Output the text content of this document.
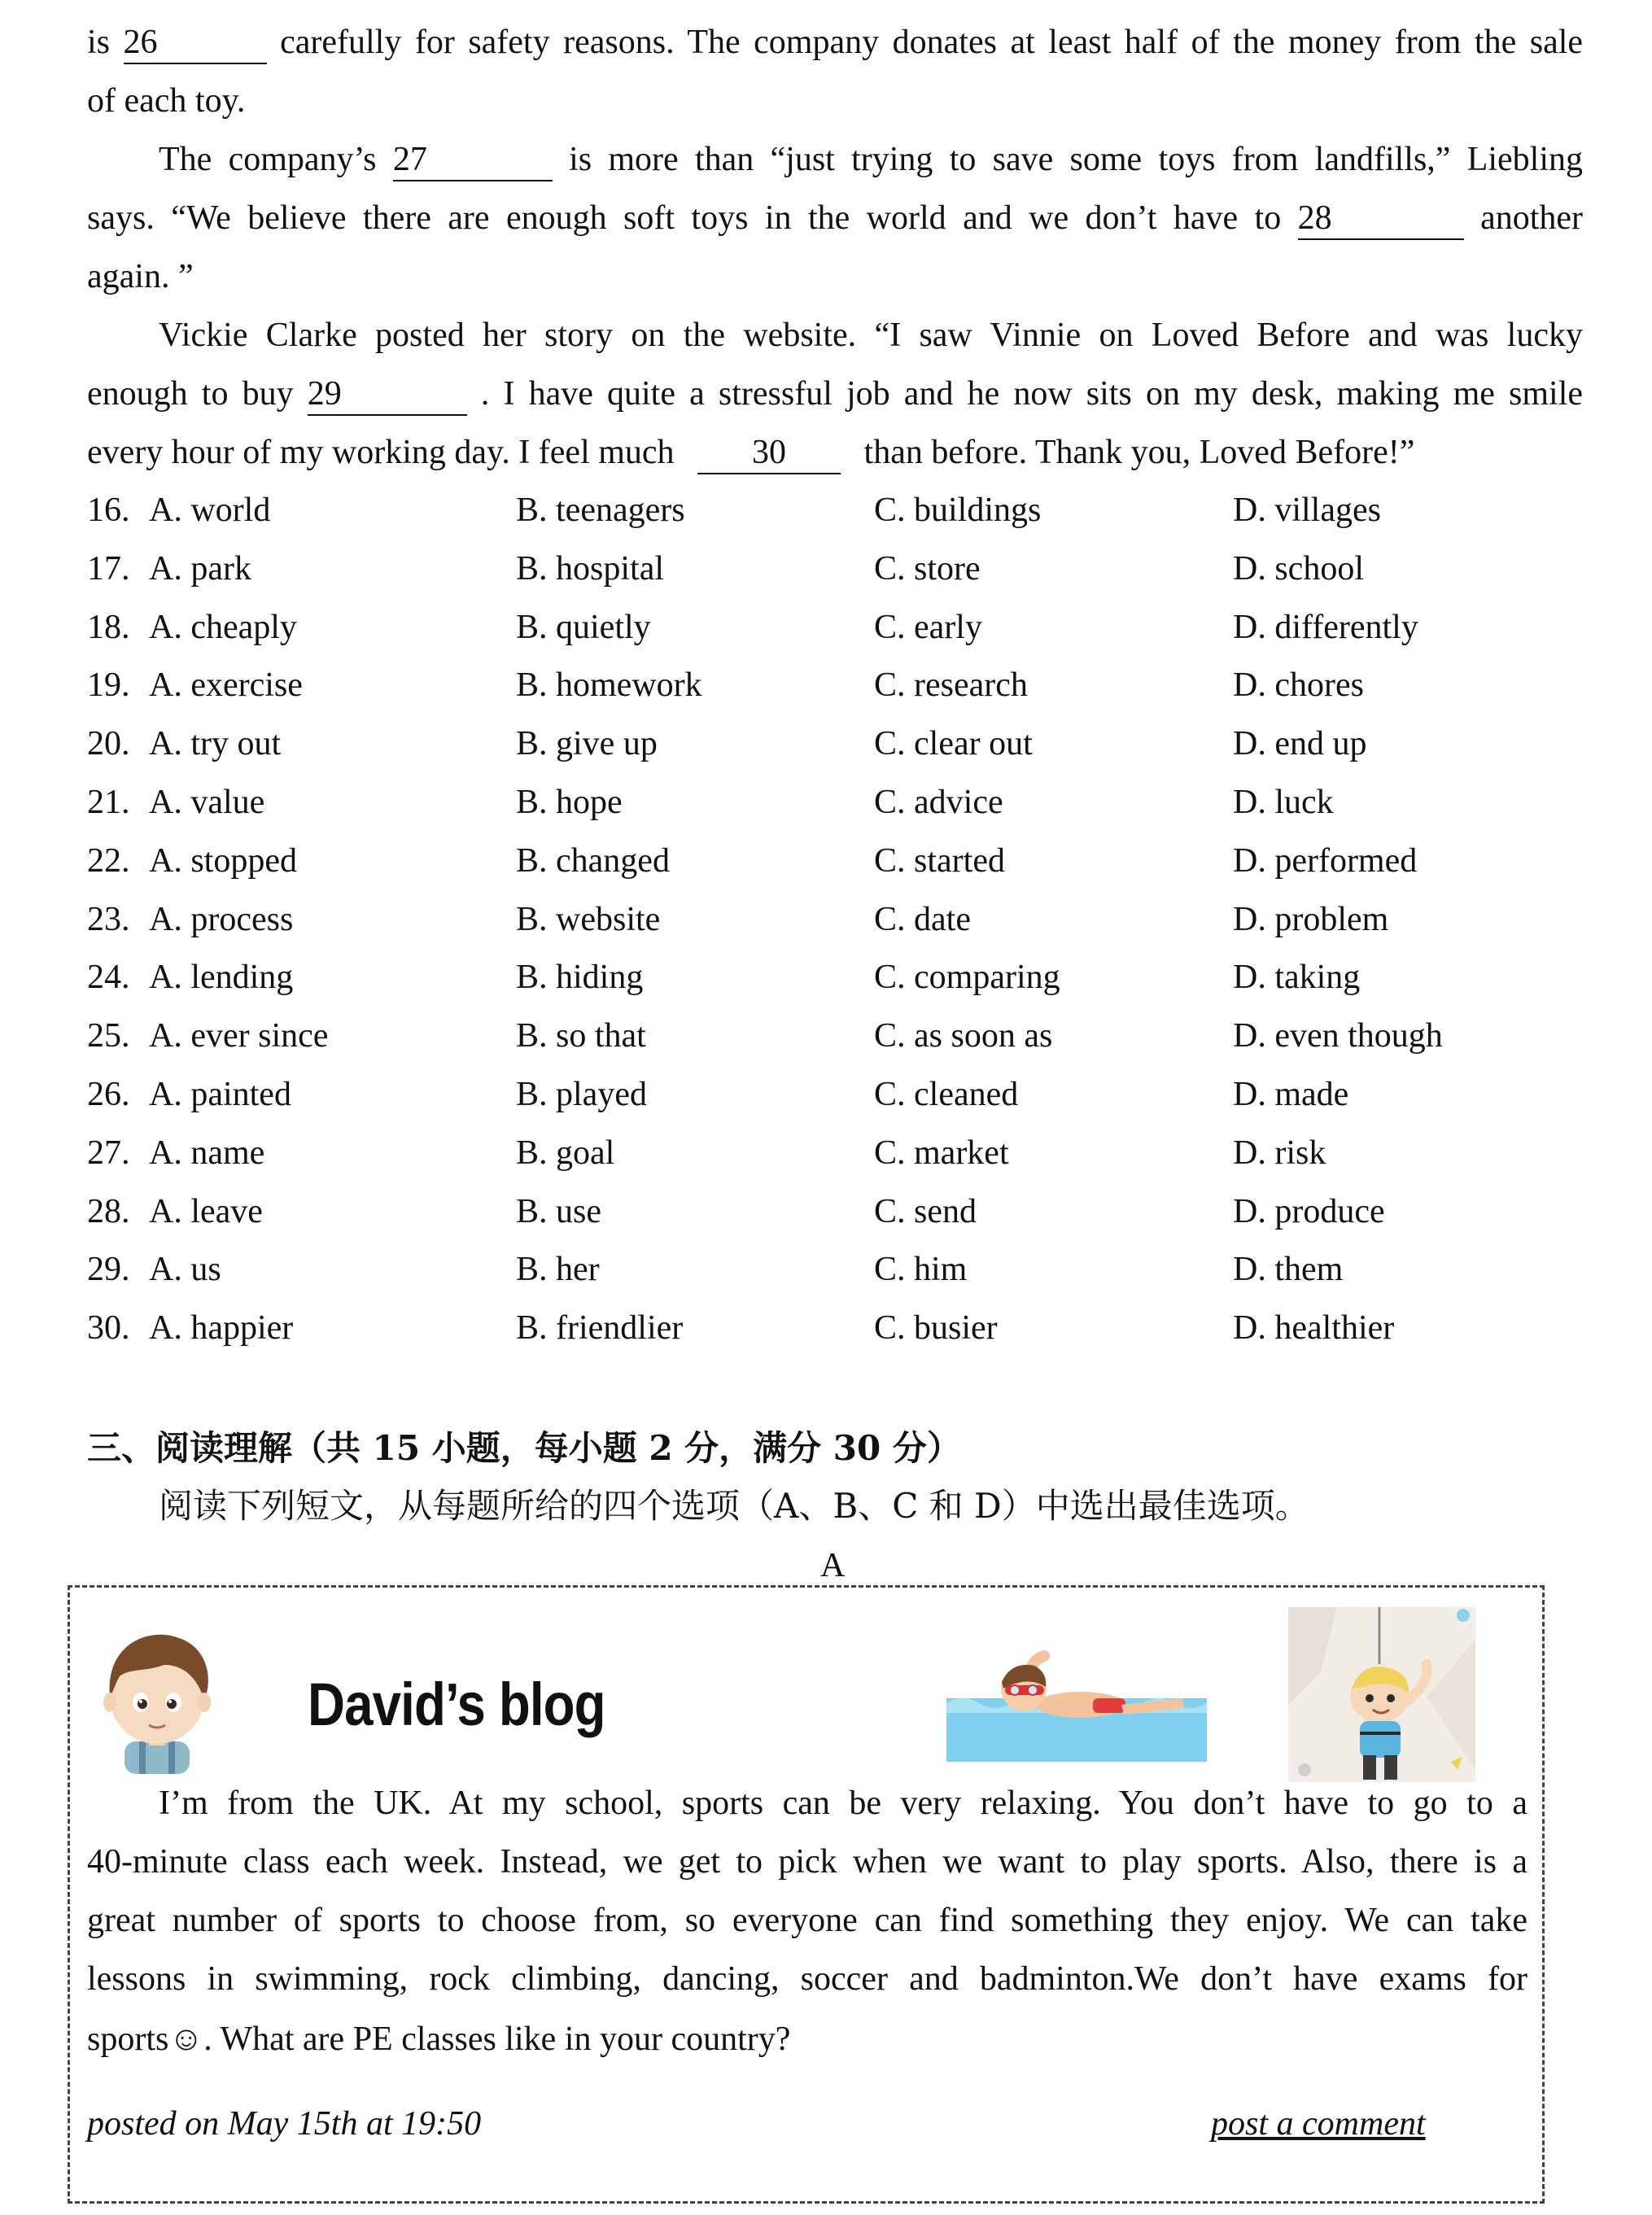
is 26	carefully for safety reasons. The company donates at least half of the money from the sale
of each toy.
The company’s 27	is more than “just trying to save some toys from landfills,” Liebling
says. “We believe there are enough soft toys in the world and we don’t have to 28	another
again. ”
Vickie Clarke posted her story on the website. “I saw Vinnie on Loved Before and was lucky
enough to buy 29	. I have quite a stressful job and he now sits on my desk, making me smile
every hour of my working day. I feel much 30 than before. Thank you, Loved Before!”
16. A. world	B. teenagers	C. buildings	D. villages
17. A. park	B. hospital	C. store	D. school
18. A. cheaply	B. quietly	C. early	D. differently
19. A. exercise	B. homework	C. research	D. chores
20. A. try out	B. give up	C. clear out	D. end up
21. A. value	B. hope	C. advice	D. luck
22. A. stopped	B. changed	C. started	D. performed
23. A. process	B. website	C. date	D. problem
24. A. lending	B. hiding	C. comparing	D. taking
25. A. ever since	B. so that	C. as soon as	D. even though
26. A. painted	B. played	C. cleaned	D. made
27. A. name	B. goal	C. market	D. risk
28. A. leave	B. use	C. send	D. produce
29. A. us	B. her	C. him	D. them
30. A. happier	B. friendlier	C. busier	D. healthier
三、阅读理解（共 15 小题，每小题 2 分，满分 30 分）
阅读下列短文，从每题所给的四个选项（A、B、C 和 D）中选出最佳选项。
A
David’s blog
I’m from the UK. At my school, sports can be very relaxing. You don’t have to go to a
40-minute class each week. Instead, we get to pick when we want to play sports. Also, there is a
great number of sports to choose from, so everyone can find something they enjoy. We can take
lessons in swimming, rock climbing, dancing, soccer and badminton.We don’t have exams for
sports☺. What are PE classes like in your country?
posted on May 15th at 19:50	post a comment
